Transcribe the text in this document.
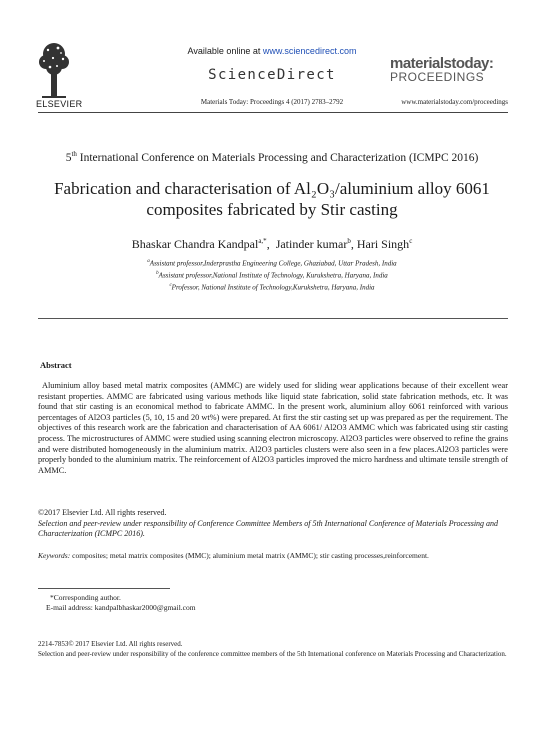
ELSEVIER
Available online at www.sciencedirect.com
ScienceDirect
Materials Today: Proceedings 4 (2017) 2783–2792
materialstoday:
PROCEEDINGS
www.materialstoday.com/proceedings
5th International Conference on Materials Processing and Characterization (ICMPC 2016)
Fabrication and characterisation of Al₂O₃/aluminium alloy 6061
composites fabricated by Stir casting
Bhaskar Chandra Kandpal$^{a,*}$,  Jatinder kumar$^b$, Hari Singh$^c$
$^a$Assistant professor,Inderprastha Engineering College, Ghaziabad, Uttar Pradesh, India
$^b$Assistant professor,National Institute of Technology, Kurukshetra, Haryana, India
$^c$Professor, National Institute of Technology,Kurukshetra, Haryana, India
Abstract
Aluminium alloy based metal matrix composites (AMMC) are widely used for sliding wear applications because of their excellent wear resistant properties. AMMC are fabricated using various methods like liquid state fabrication, solid state fabrication methods, etc. It was found that stir casting is an economical method to fabricate AMMC. In the present work, aluminium alloy 6061 reinforced with various percentages of Al2O3 particles (5, 10, 15 and 20 wt%) were prepared. At first the stir casting set up was prepared as per the requirement. The objectives of this research work are the fabrication and characterisation of AA 6061/ Al2O3 AMMC which was fabricated using stir casting process. The microstructures of AMMC were studied using scanning electron microscopy. Al2O3 particles were observed to refine the grains and were distributed homogeneously in the aluminium matrix. Al2O3 particles clusters were also seen in a few places.Al2O3 particles were properly bonded to the aluminium matrix. The reinforcement of Al2O3 particles improved the micro hardness and ultimate tensile strength of AMMC.
©2017 Elsevier Ltd. All rights reserved.
Selection and peer-review under responsibility of Conference Committee Members of 5th International Conference of Materials Processing and Characterization (ICMPC 2016).
Keywords: composites; metal matrix composites (MMC); aluminium metal matrix (AMMC); stir casting processes,reinforcement.
*Corresponding author.
E-mail address: kandpalbhaskar2000@gmail.com
2214-7853© 2017 Elsevier Ltd. All rights reserved.
Selection and peer-review under responsibility of the conference committee members of the 5th International conference on Materials Processing and Characterization.
